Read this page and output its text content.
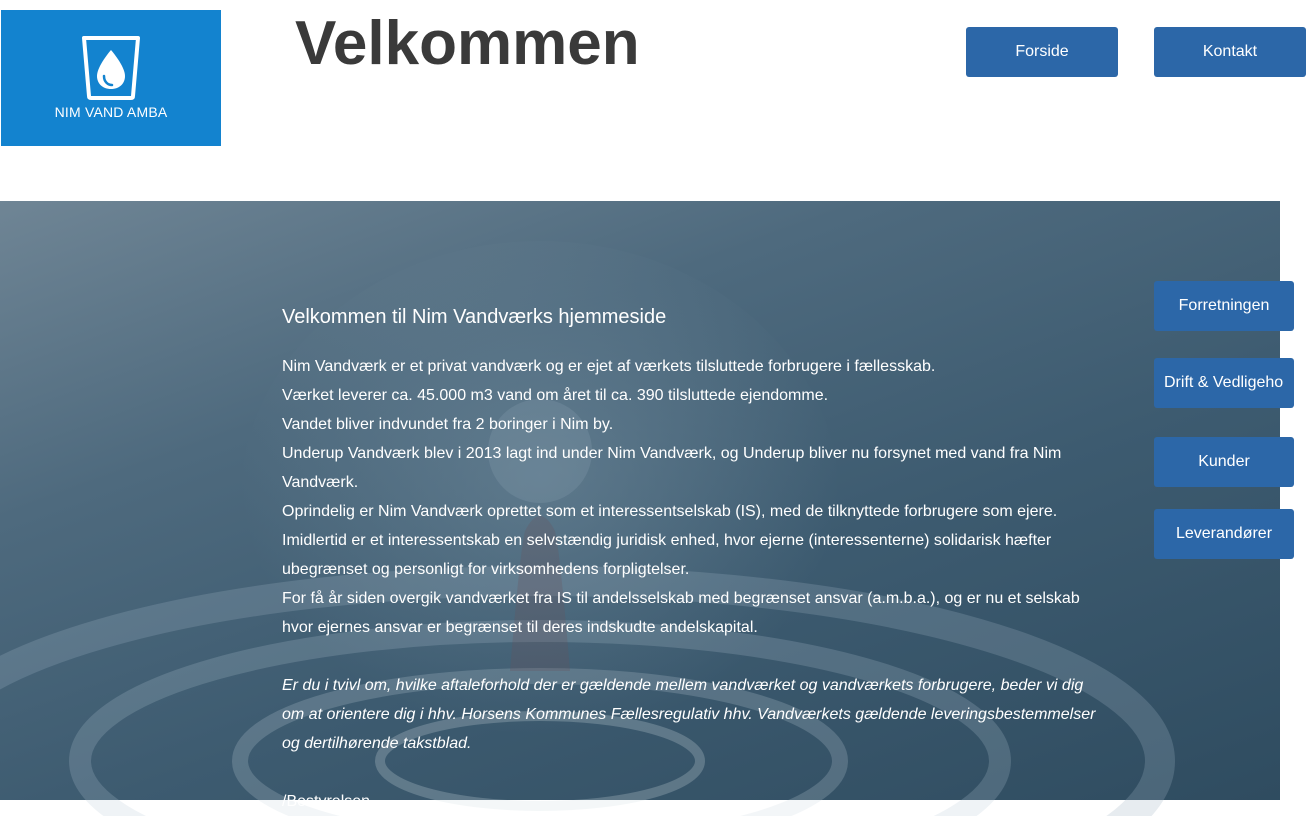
NIM VAND AMBA
Velkommen	Forside	Kontakt
Velkommen til Nim Vandværks hjemmeside

Nim Vandværk er et privat vandværk og er ejet af værkets tilsluttede forbrugere i fællesskab.

Værket leverer ca. 45.000 m3 vand om året til ca. 390 tilsluttede ejendomme.

Vandet bliver indvundet fra 2 boringer i Nim by.

Underup Vandværk blev i 2013 lagt ind under Nim Vandværk, og Underup bliver nu forsynet med vand fra Nim Vandværk.

Oprindelig er Nim Vandværk oprettet som et interessentselskab (IS), med de tilknyttede forbrugere som ejere.

Imidlertid er et interessentskab en selvstændig juridisk enhed, hvor ejerne (interessenterne) solidarisk hæfter ubegrænset og personligt for virksomhedens forpligtelser.

For få år siden overgik vandværket fra IS til andelsselskab med begrænset ansvar (a.m.b.a.), og er nu et selskab hvor ejernes ansvar er begrænset til deres indskudte andelskapital.

Er du i tvivl om, hvilke aftaleforhold der er gældende mellem vandværket og vandværkets forbrugere, beder vi dig om at orientere dig i hhv. Horsens Kommunes Fællesregulativ hhv. Vandværkets gældende leveringsbestemmelser og dertilhørende takstblad.

/Bestyrelsen

Forretningen
Drift & Vedligeho
Kunder
Leverandører
